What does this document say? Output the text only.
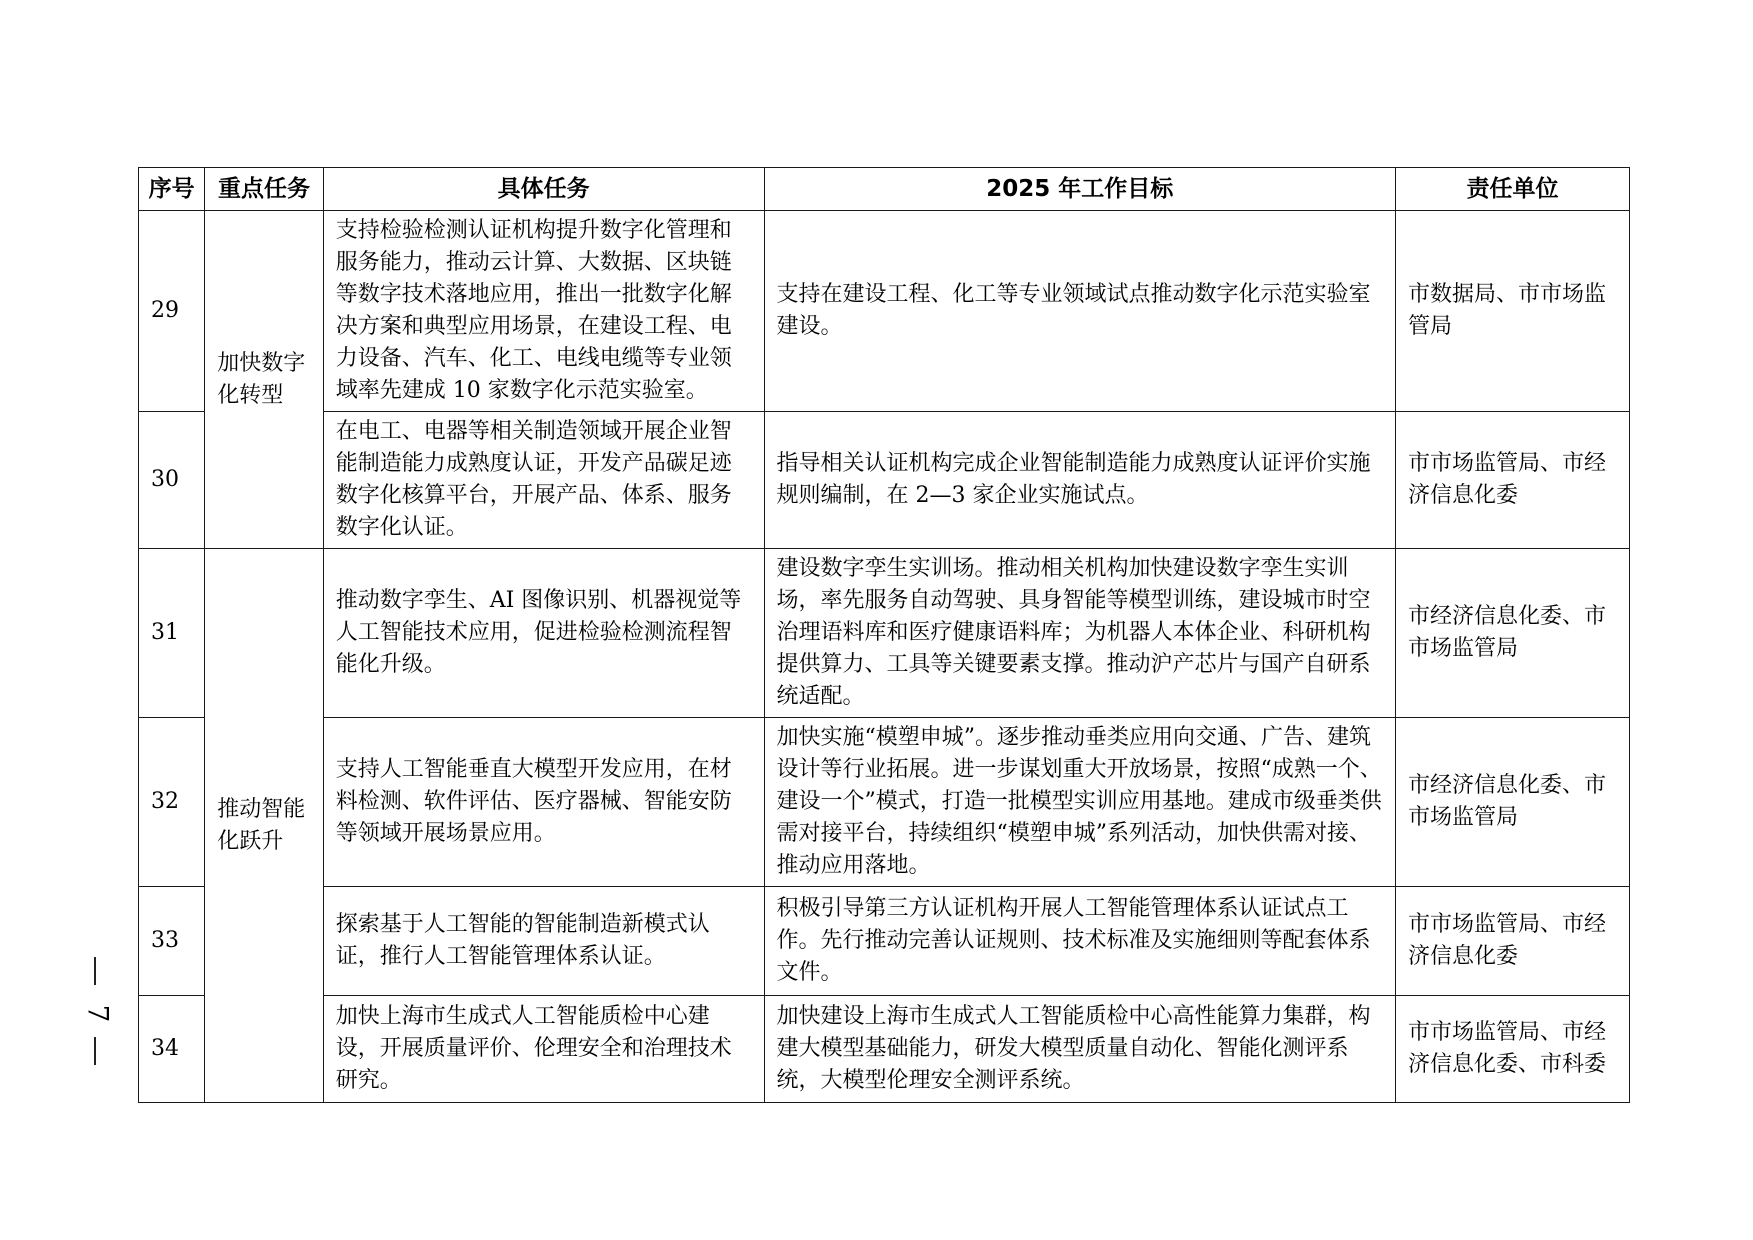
序号	重点任务	具体任务	2025 年工作目标	责任单位
29	加快数字化转型	支持检验检测认证机构提升数字化管理和服务能力，推动云计算、大数据、区块链等数字技术落地应用，推出一批数字化解决方案和典型应用场景，在建设工程、电力设备、汽车、化工、电线电缆等专业领域率先建成 10 家数字化示范实验室。	支持在建设工程、化工等专业领域试点推动数字化示范实验室建设。	市数据局、市市场监管局
30		在电工、电器等相关制造领域开展企业智能制造能力成熟度认证，开发产品碳足迹数字化核算平台，开展产品、体系、服务数字化认证。	指导相关认证机构完成企业智能制造能力成熟度认证评价实施规则编制，在 2—3 家企业实施试点。	市市场监管局、市经济信息化委
31	推动智能化跃升	推动数字孪生、AI 图像识别、机器视觉等人工智能技术应用，促进检验检测流程智能化升级。	建设数字孪生实训场。推动相关机构加快建设数字孪生实训场，率先服务自动驾驶、具身智能等模型训练，建设城市时空治理语料库和医疗健康语料库；为机器人本体企业、科研机构提供算力、工具等关键要素支撑。推动沪产芯片与国产自研系统适配。	市经济信息化委、市市场监管局
32		支持人工智能垂直大模型开发应用，在材料检测、软件评估、医疗器械、智能安防等领域开展场景应用。	加快实施“模塑申城”。逐步推动垂类应用向交通、广告、建筑设计等行业拓展。进一步谋划重大开放场景，按照“成熟一个、建设一个”模式，打造一批模型实训应用基地。建成市级垂类供需对接平台，持续组织“模塑申城”系列活动，加快供需对接、推动应用落地。	市经济信息化委、市市场监管局
33		探索基于人工智能的智能制造新模式认证，推行人工智能管理体系认证。	积极引导第三方认证机构开展人工智能管理体系认证试点工作。先行推动完善认证规则、技术标准及实施细则等配套体系文件。	市市场监管局、市经济信息化委
34		加快上海市生成式人工智能质检中心建设，开展质量评价、伦理安全和治理技术研究。	加快建设上海市生成式人工智能质检中心高性能算力集群，构建大模型基础能力，研发大模型质量自动化、智能化测评系统，大模型伦理安全测评系统。	市市场监管局、市经济信息化委、市科委
7
